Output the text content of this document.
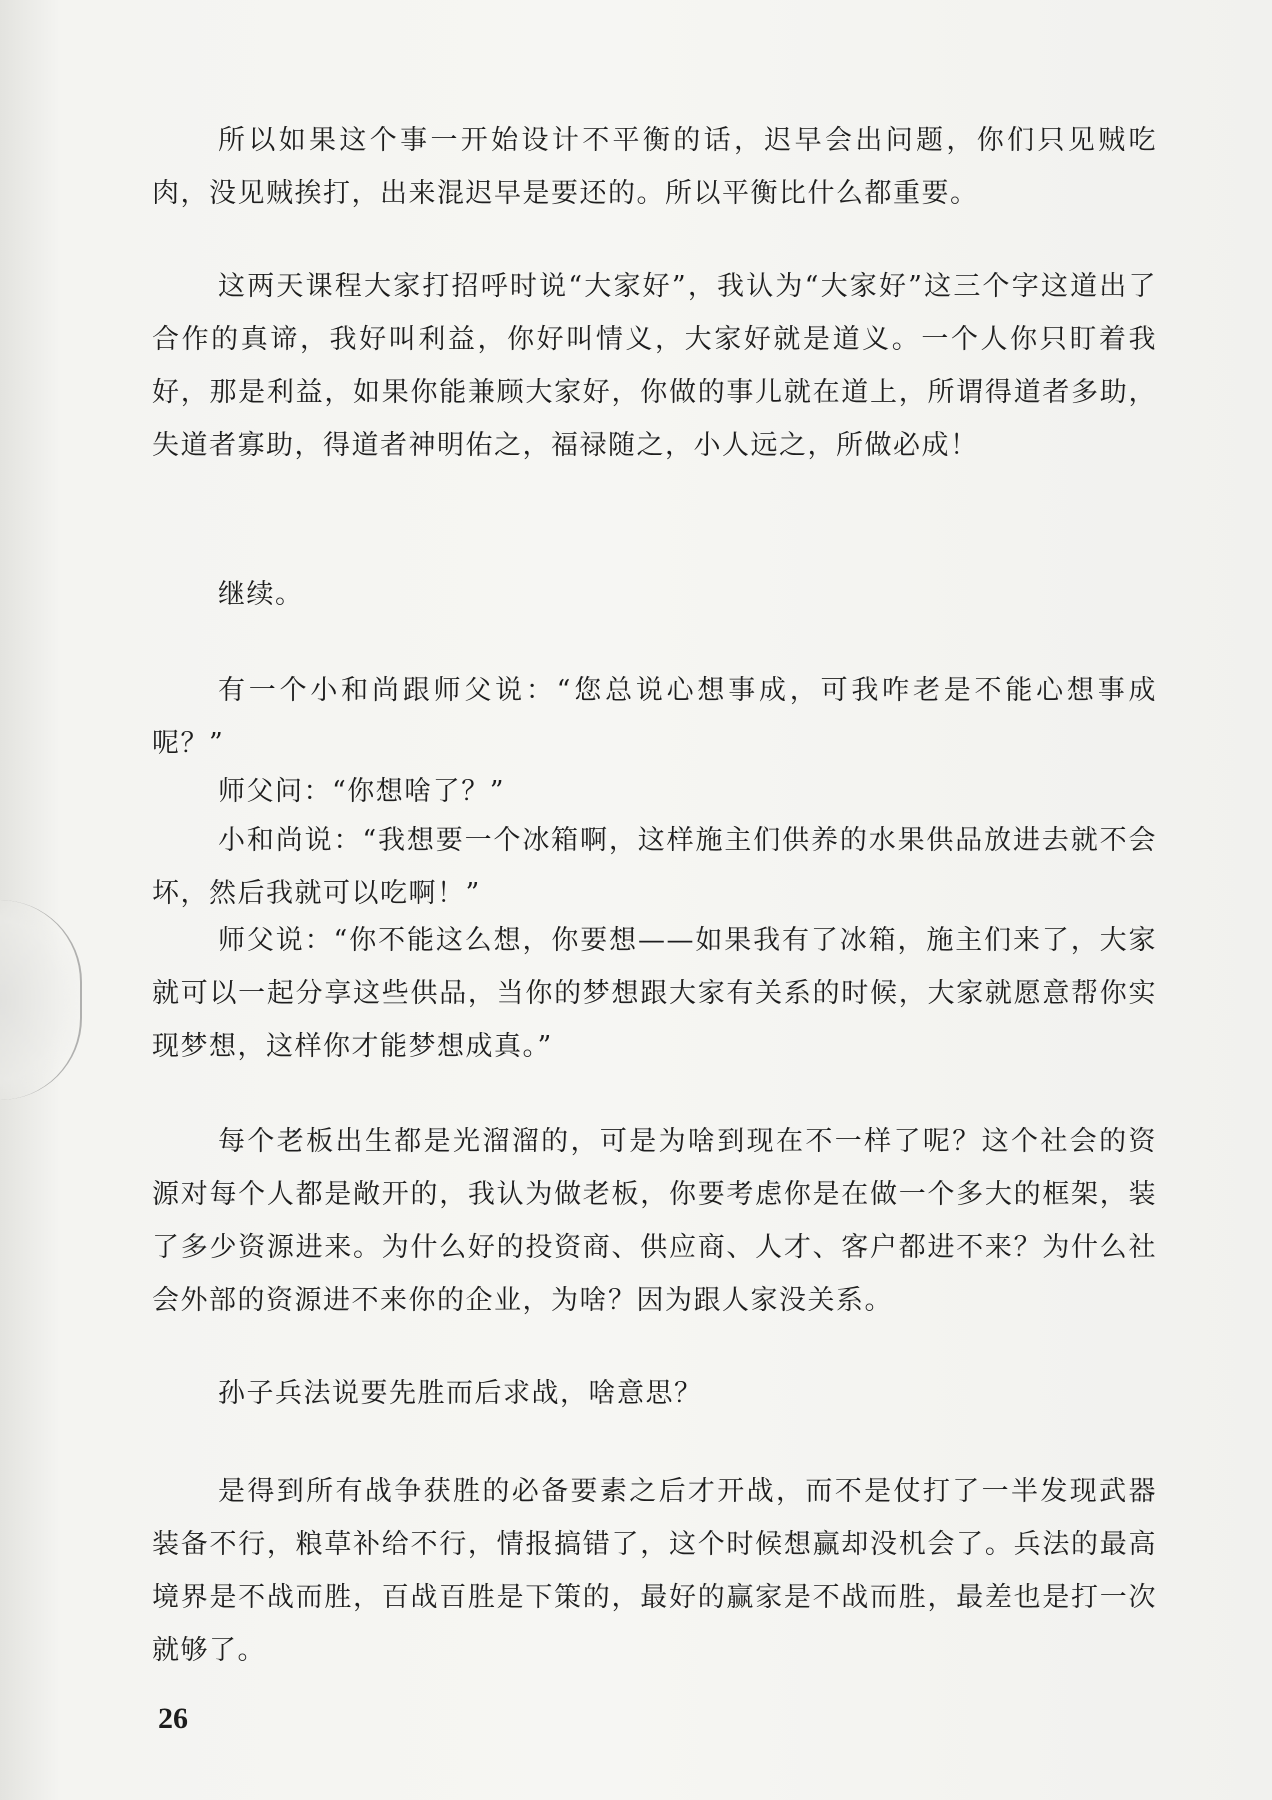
所以如果这个事一开始设计不平衡的话，迟早会出问题，你们只见贼吃肉，没见贼挨打，出来混迟早是要还的。所以平衡比什么都重要。

这两天课程大家打招呼时说“大家好”，我认为“大家好”这三个字这道出了合作的真谛，我好叫利益，你好叫情义，大家好就是道义。一个人你只盯着我好，那是利益，如果你能兼顾大家好，你做的事儿就在道上，所谓得道者多助，失道者寡助，得道者神明佑之，福禄随之，小人远之，所做必成！

继续。

有一个小和尚跟师父说：“您总说心想事成，可我咋老是不能心想事成呢？”

师父问：“你想啥了？”

小和尚说：“我想要一个冰箱啊，这样施主们供养的水果供品放进去就不会坏，然后我就可以吃啊！”

师父说：“你不能这么想，你要想——如果我有了冰箱，施主们来了，大家就可以一起分享这些供品，当你的梦想跟大家有关系的时候，大家就愿意帮你实现梦想，这样你才能梦想成真。”

每个老板出生都是光溜溜的，可是为啥到现在不一样了呢？这个社会的资源对每个人都是敞开的，我认为做老板，你要考虑你是在做一个多大的框架，装了多少资源进来。为什么好的投资商、供应商、人才、客户都进不来？为什么社会外部的资源进不来你的企业，为啥？因为跟人家没关系。

孙子兵法说要先胜而后求战，啥意思？

是得到所有战争获胜的必备要素之后才开战，而不是仗打了一半发现武器装备不行，粮草补给不行，情报搞错了，这个时候想赢却没机会了。兵法的最高境界是不战而胜，百战百胜是下策的，最好的赢家是不战而胜，最差也是打一次就够了。

26
